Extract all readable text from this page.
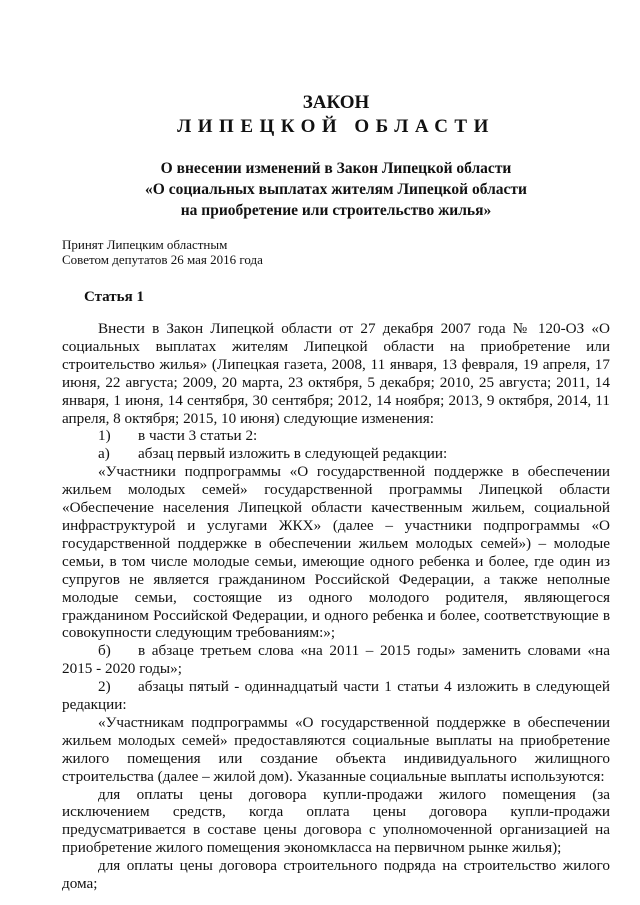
ЗАКОН

ЛИПЕЦКОЙ ОБЛАСТИ

О внесении изменений в Закон Липецкой области
«О социальных выплатах жителям Липецкой области
на приобретение или строительство жилья»
Принят Липецким областным
Советом депутатов 26 мая 2016 года
Статья 1

Внести в Закон Липецкой области от 27 декабря 2007 года № 120-ОЗ «О социальных выплатах жителям Липецкой области на приобретение или строительство жилья» (Липецкая газета, 2008, 11 января, 13 февраля, 19 апреля, 17 июня, 22 августа; 2009, 20 марта, 23 октября, 5 декабря; 2010, 25 августа; 2011, 14 января, 1 июня, 14 сентября, 30 сентября; 2012, 14 ноября; 2013, 9 октября, 2014, 11 апреля, 8 октября; 2015, 10 июня) следующие изменения:

1)	в части 3 статьи 2:
а)	абзац первый изложить в следующей редакции:

«Участники подпрограммы «О государственной поддержке в обеспечении жильем молодых семей» государственной программы Липецкой области «Обеспечение населения Липецкой области качественным жильем, социальной инфраструктурой и услугами ЖКХ» (далее – участники подпрограммы «О государственной поддержке в обеспечении жильем молодых семей») – молодые семьи, в том числе молодые семьи, имеющие одного ребенка и более, где один из супругов не является гражданином Российской Федерации, а также неполные молодые семьи, состоящие из одного молодого родителя, являющегося гражданином Российской Федерации, и одного ребенка и более, соответствующие в совокупности следующим требованиям:»;

б) в абзаце третьем слова «на 2011 – 2015 годы» заменить словами «на 2015 - 2020 годы»;

2) абзацы пятый - одиннадцатый части 1 статьи 4 изложить в следующей редакции:

«Участникам подпрограммы «О государственной поддержке в обеспечении жильем молодых семей» предоставляются социальные выплаты на приобретение жилого помещения или создание объекта индивидуального жилищного строительства (далее – жилой дом). Указанные социальные выплаты используются:

для оплаты цены договора купли-продажи жилого помещения (за исключением средств, когда оплата цены договора купли-продажи предусматривается в составе цены договора с уполномоченной организацией на приобретение жилого помещения экономкласса на первичном рынке жилья);

для оплаты цены договора строительного подряда на строительство жилого дома;
